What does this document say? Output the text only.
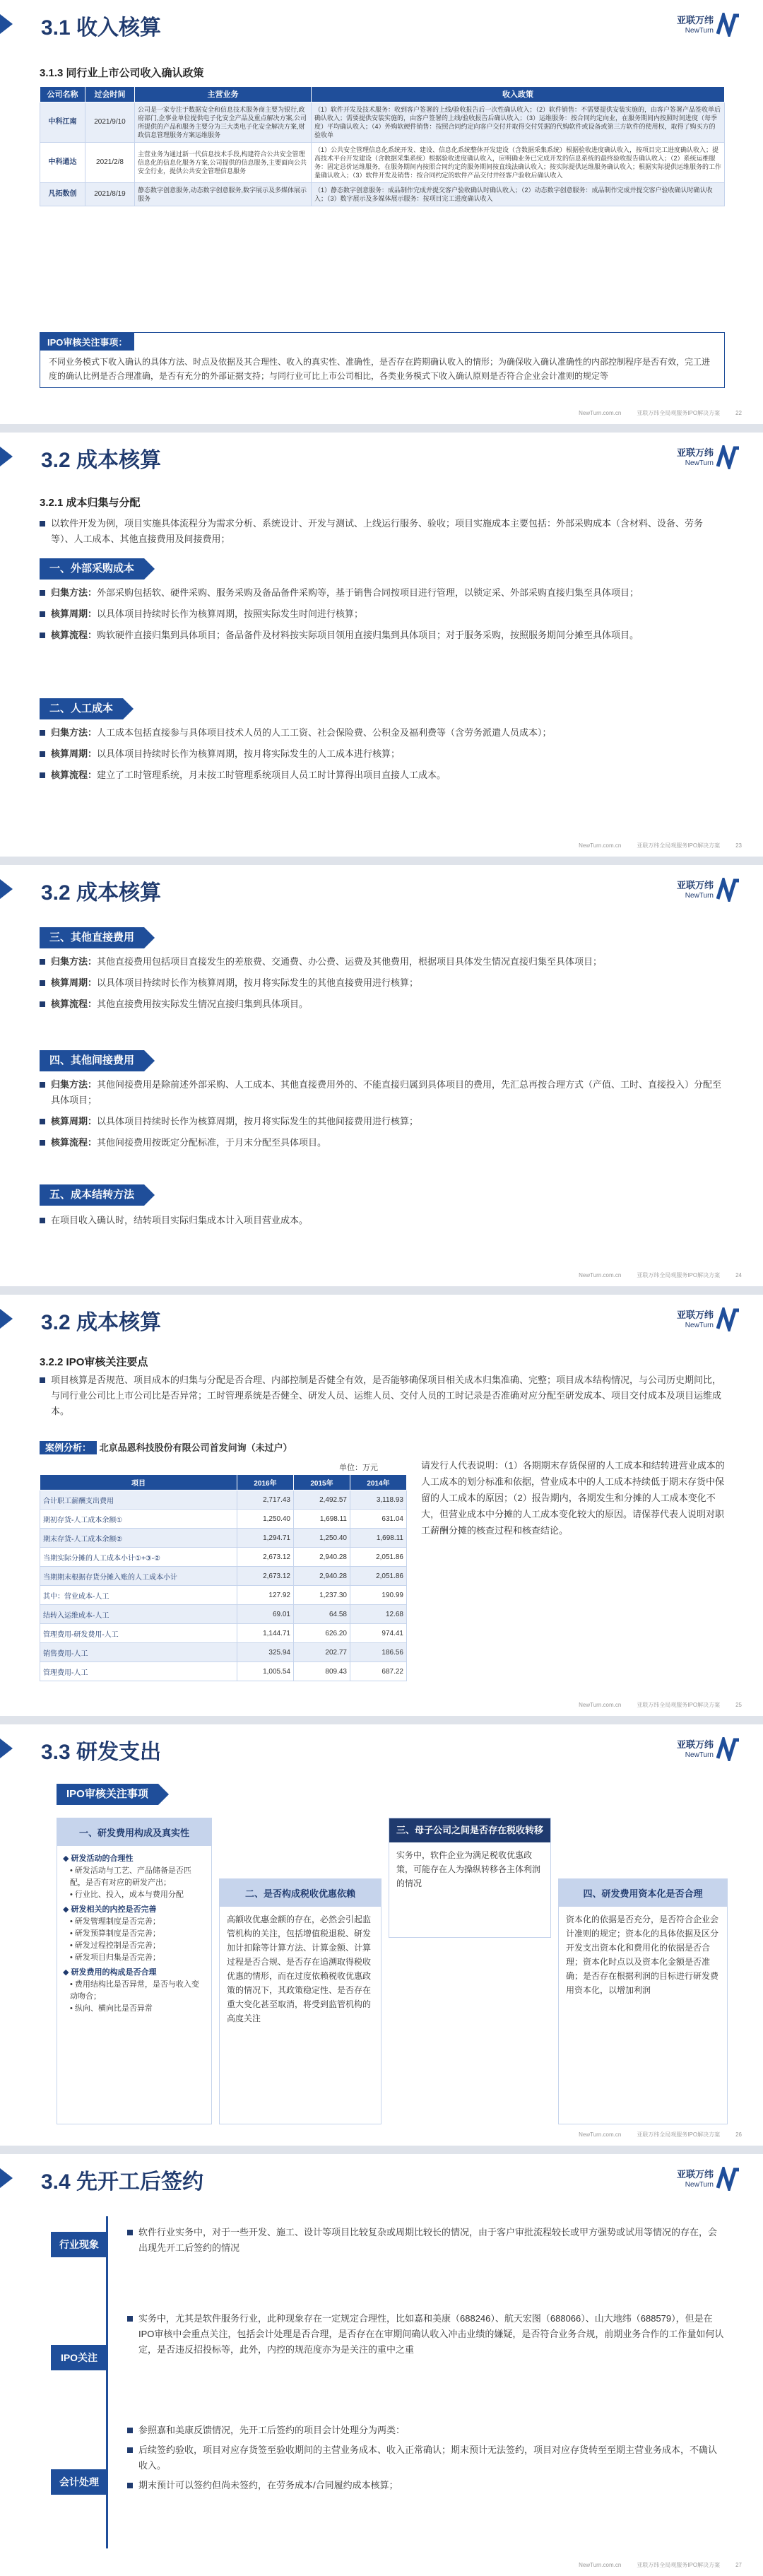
3.1 收入核算	亚联万纬
NewTurn
3.1.3 同行业上市公司收入确认政策
公司名称	过会时间	主营业务	收入政策
中科江南	2021/9/10	公司是一家专注于数据安全和信息技术服务商主要为银行,政府部门,企事业单位提供电子化安全产品及重点解决方案,公司所提供的产品和服务主要分为三大类电子化安全解决方案,财政信息管理服务方案运维服务	（1）软件开发及技术服务：收到客户签署的上线/验收报告后一次性确认收入；（2）软件销售：不需要提供安装实施的，由客户签署产品签收单后确认收入；需要提供安装实施的，由客户签署的上线/验收报告后确认收入；（3）运维服务：按合同约定向业，在服务期间内按照时间进度（每季度）平均确认收入；（4）外购软硬件销售：按照合同约定向客户交付并取得交付凭据的代购软件或设备或第三方软件的使用权，取得了购买方的验收单
中科通达	2021/2/8	主营业务为通过新一代信息技术手段,构建符合公共安全管理信息化的信息化服务方案,公司提供的信息服务,主要面向公共安全行业，提供公共安全管理信息服务	（1）公共安全管理信息化系统开发、建设、信息化系统整体开发建设（含数据采集系统）根据验收进度确认收入，按项目完工进度确认收入；提高技术平台开发建设（含数据采集系统）根据验收进度确认收入，应明确业务已完成开发的信息系统的最终验收报告确认收入；（2）系统运维服务：固定总价运维服务，在服务期间内按照合同约定的服务期间按直线法确认收入；按实际提供运维服务确认收入；根据实际提供运维服务的工作量确认收入；（3）软件开发及销售：按合同约定的软件产品交付并经客户验收后确认收入
凡拓数创	2021/8/19	静态数字创意服务,动态数字创意服务,数字展示及多媒体展示服务	（1）静态数字创意服务：成品制作完成并提交客户验收确认时确认收入；（2）动态数字创意服务：成品制作完成并提交客户验收确认时确认收入；（3）数字展示及多媒体展示服务：按项目完工进度确认收入
IPO审核关注事项：
不同业务模式下收入确认的具体方法、时点及依据及其合理性、收入的真实性、准确性，是否存在跨期确认收入的情形；为确保收入确认准确性的内部控制程序是否有效，完工进度的确认比例是否合理准确，是否有充分的外部证据支持；与同行业可比上市公司相比，各类业务模式下收入确认原则是否符合企业会计准则的规定等
NewTurn.com.cn	亚联万纬全局观服务IPO解决方案	22
3.2 成本核算	亚联万纬
NewTurn
3.2.1 成本归集与分配
以软件开发为例，项目实施具体流程分为需求分析、系统设计、开发与测试、上线运行服务、验收；项目实施成本主要包括：外部采购成本（含材料、设备、劳务等）、人工成本、其他直接费用及间接费用；
一、外部采购成本
归集方法：外部采购包括软、硬件采购、服务采购及备品备件采购等，基于销售合同按项目进行管理，以锁定采、外部采购直接归集至具体项目；
核算周期：以具体项目持续时长作为核算周期，按照实际发生时间进行核算；
核算流程：购软硬件直接归集到具体项目；备品备件及材料按实际项目领用直接归集到具体项目；对于服务采购，按照服务期间分摊至具体项目。
二、人工成本
归集方法：人工成本包括直接参与具体项目技术人员的人工工资、社会保险费、公积金及福利费等（含劳务派遣人员成本）；
核算周期：以具体项目持续时长作为核算周期，按月将实际发生的人工成本进行核算；
核算流程：建立了工时管理系统，月末按工时管理系统项目人员工时计算得出项目直接人工成本。
NewTurn.com.cn	亚联万纬全局观服务IPO解决方案	23
3.2 成本核算	亚联万纬
NewTurn
三、其他直接费用
归集方法：其他直接费用包括项目直接发生的差旅费、交通费、办公费、运费及其他费用，根据项目具体发生情况直接归集至具体项目；
核算周期：以具体项目持续时长作为核算周期，按月将实际发生的其他直接费用进行核算；
核算流程：其他直接费用按实际发生情况直接归集到具体项目。
四、其他间接费用
归集方法：其他间接费用是除前述外部采购、人工成本、其他直接费用外的、不能直接归属到具体项目的费用，先汇总再按合理方式（产值、工时、直接投入）分配至具体项目；
核算周期：以具体项目持续时长作为核算周期，按月将实际发生的其他间接费用进行核算；
核算流程：其他间接费用按既定分配标准，于月末分配至具体项目。
五、成本结转方法
在项目收入确认时，结转项目实际归集成本计入项目营业成本。
NewTurn.com.cn	亚联万纬全局观服务IPO解决方案	24
3.2 成本核算	亚联万纬
NewTurn
3.2.2 IPO审核关注要点
项目核算是否规范、项目成本的归集与分配是否合理、内部控制是否健全有效，是否能够确保项目相关成本归集准确、完整；项目成本结构情况，与公司历史期间比，与同行业公司比上市公司比是否异常；工时管理系统是否健全、研发人员、运维人员、交付人员的工时记录是否准确对应分配至研发成本、项目交付成本及项目运维成本。
案例分析： 北京品恩科技股份有限公司首发问询（未过户）
单位：万元
项目	2016年	2015年	2014年
合计职工薪酬支出费用	2,717.43	2,492.57	3,118.93
期初存货-人工成本余额①	1,250.40	1,698.11	631.04
期末存货-人工成本余额②	1,294.71	1,250.40	1,698.11
当期实际分摊的人工成本小计①+③-②	2,673.12	2,940.28	2,051.86
当期期末根据存货分摊入账的人工成本小计	2,673.12	2,940.28	2,051.86
其中：营业成本-人工	127.92	1,237.30	190.99
结转入运维成本-人工	69.01	64.58	12.68
管理费用-研发费用-人工	1,144.71	626.20	974.41
销售费用-人工	325.94	202.77	186.56
管理费用-人工	1,005.54	809.43	687.22
请发行人代表说明：（1）各期期末存货保留的人工成本和结转进营业成本的人工成本的划分标准和依据，营业成本中的人工成本持续低于期末存货中保留的人工成本的原因；（2）报告期内，各期发生和分摊的人工成本变化不大，但营业成本中分摊的人工成本变化较大的原因。请保荐代表人说明对职工薪酬分摊的核查过程和核查结论。
NewTurn.com.cn	亚联万纬全局观服务IPO解决方案	25
3.3 研发支出	亚联万纬
NewTurn
IPO审核关注事项
一、研发费用构成及真实性
◆ 研发活动的合理性
• 研发活动与工艺、产品储备是否匹配，是否有对应的研发产出；
• 行业比、投入，成本与费用分配
◆ 研发相关的内控是否完善
• 研发管理制度是否完善；
• 研发预算制度是否完善；
• 研发过程控制是否完善；
• 研发项目归集是否完善；
◆ 研发费用的构成是否合理
• 费用结构比是否异常，是否与收入变动吻合；
• 纵向、横向比是否异常
二、是否构成税收优惠依赖
高额收优惠金额的存在，必然会引起监管机构的关注，包括增值税退税、研发加计扣除等计算方法、计算金额、计算过程是否合规、是否存在追溯取得税收优惠的情形，而在过度依赖税收优惠政策的情况下，其政策稳定性、是否存在重大变化甚至取消，将受到监管机构的高度关注
三、母子公司之间是否存在税收转移
实务中，软件企业为满足税收优惠政策，可能存在人为操纵转移各主体利润的情况
四、研发费用资本化是否合理
资本化的依据是否充分，是否符合企业会计准则的规定；资本化的具体依据及区分开发支出资本化和费用化的依据是否合理；资本化时点以及资本化金额是否准确；是否存在根据利润的目标进行研发费用资本化，以增加利润
NewTurn.com.cn	亚联万纬全局观服务IPO解决方案	26
3.4 先开工后签约	亚联万纬
NewTurn
行业现象
软件行业实务中，对于一些开发、施工、设计等项目比较复杂或周期比较长的情况，由于客户审批流程较长或甲方强势或试用等情况的存在，会出现先开工后签约的情况
IPO关注
实务中，尤其是软件服务行业，此种现象存在一定规定合理性，比如嘉和美康（688246）、航天宏图（688066）、山大地纬（688579），但是在IPO审核中会重点关注，包括会计处理是否合理，是否存在在审期间确认收入冲击业绩的嫌疑，是否符合业务合规，前期业务合作的工作量如何认定，是否违反招投标等，此外，内控的规范度亦为是关注的重中之重
会计处理
参照嘉和美康反馈情况，先开工后签约的项目会计处理分为两类：
后续签约验收，项目对应存货签至验收期间的主营业务成本、收入正常确认；期末预计无法签约，项目对应存货转至至期主营业务成本，不确认收入。
期末预计可以签约但尚未签约，在劳务成本/合同履约成本核算；
NewTurn.com.cn	亚联万纬全局观服务IPO解决方案	27
